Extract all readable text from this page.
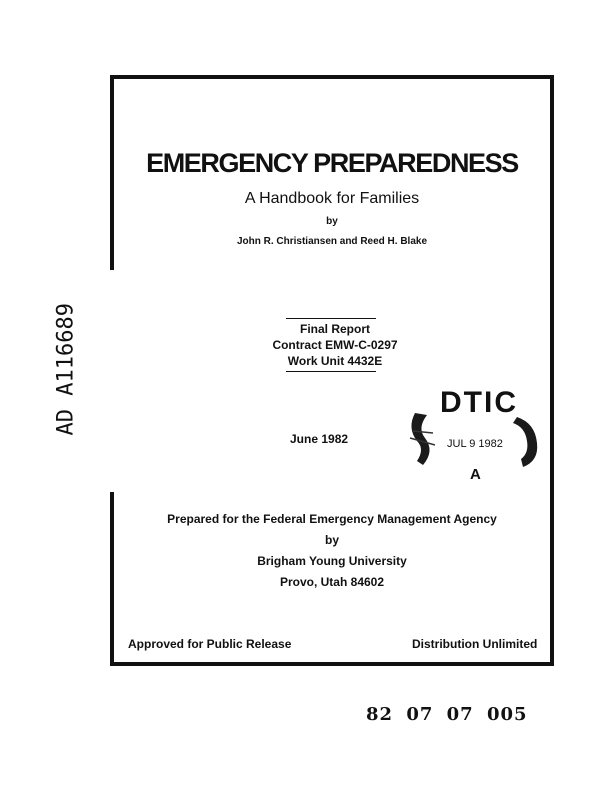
AD A116689
EMERGENCY PREPAREDNESS
A Handbook for Families
by
John R. Christiansen and Reed H. Blake
Final Report
Contract EMW-C-0297
Work Unit 4432E
June 1982
DTIC
JUL 9 1982
A
Prepared for the Federal Emergency Management Agency
by
Brigham Young University
Provo, Utah 84602
Approved for Public Release	Distribution Unlimited
82 07 07 005
